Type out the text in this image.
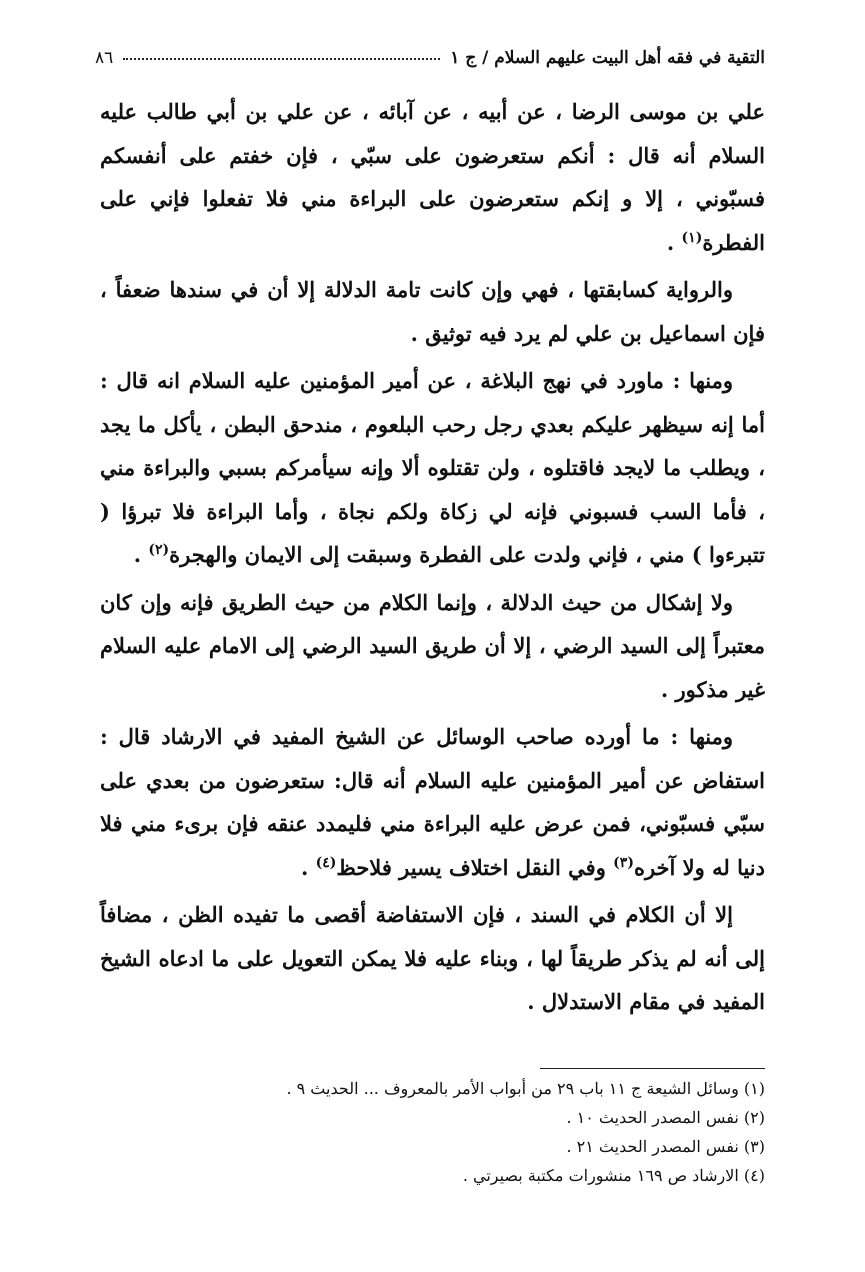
التقية في فقه أهل البيت عليهم السلام / ج ١
٨٦

علي بن موسى الرضا ، عن أبيه ، عن آبائه ، عن علي بن أبي طالب عليه السلام أنه قال : أنكم ستعرضون على سبّي ، فإن خفتم على أنفسكم فسبّوني ، إلا و إنكم ستعرضون على البراءة مني فلا تفعلوا فإني على الفطرة$^{(١)}$ .

والرواية كسابقتها ، فهي وإن كانت تامة الدلالة إلا أن في سندها ضعفاً ، فإن اسماعيل بن علي لم يرد فيه توثيق .

ومنها : ماورد في نهج البلاغة ، عن أمير المؤمنين عليه السلام انه قال : أما إنه سيظهر عليكم بعدي رجل رحب البلعوم ، مندحق البطن ، يأكل ما يجد ، ويطلب ما لايجد فاقتلوه ، ولن تقتلوه ألا وإنه سيأمركم بسبي والبراءة مني ، فأما السب فسبوني فإنه لي زكاة ولكم نجاة ، وأما البراءة فلا تبرؤا ( تتبرءوا ) مني ، فإني ولدت على الفطرة وسبقت إلى الايمان والهجرة$^{(٢)}$ .

ولا إشكال من حيث الدلالة ، وإنما الكلام من حيث الطريق فإنه وإن كان معتبراً إلى السيد الرضي ، إلا أن طريق السيد الرضي إلى الامام عليه السلام غير مذكور .

ومنها : ما أورده صاحب الوسائل عن الشيخ المفيد في الارشاد قال : استفاض عن أمير المؤمنين عليه السلام أنه قال: ستعرضون من بعدي على سبّي فسبّوني، فمن عرض عليه البراءة مني فليمدد عنقه فإن برىء مني فلا دنيا له ولا آخره$^{(٣)}$ وفي النقل اختلاف يسير فلاحظ$^{(٤)}$ .

إلا أن الكلام في السند ، فإن الاستفاضة أقصى ما تفيده الظن ، مضافاً إلى أنه لم يذكر طريقاً لها ، وبناء عليه فلا يمكن التعويل على ما ادعاه الشيخ المفيد في مقام الاستدلال .

(١) وسائل الشيعة ج ١١ باب ٢٩ من أبواب الأمر بالمعروف ... الحديث ٩ .
(٢) نفس المصدر الحديث ١٠ .
(٣) نفس المصدر الحديث ٢١ .
(٤) الارشاد ص ١٦٩ منشورات مكتبة بصيرتي .
